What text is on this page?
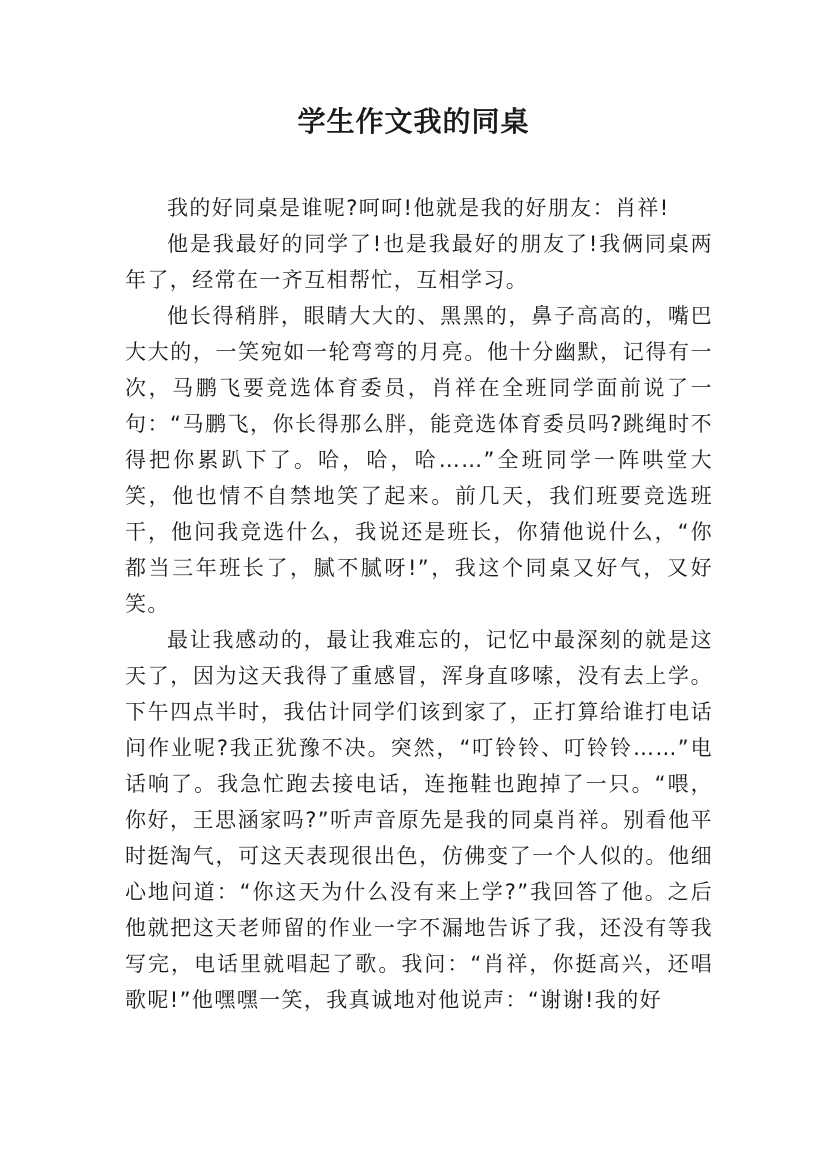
学生作文我的同桌

我的好同桌是谁呢?呵呵!他就是我的好朋友：肖祥!

他是我最好的同学了!也是我最好的朋友了!我俩同桌两年了，经常在一齐互相帮忙，互相学习。

他长得稍胖，眼睛大大的、黑黑的，鼻子高高的，嘴巴大大的，一笑宛如一轮弯弯的月亮。他十分幽默，记得有一次，马鹏飞要竞选体育委员，肖祥在全班同学面前说了一句：“马鹏飞，你长得那么胖，能竞选体育委员吗?跳绳时不得把你累趴下了。哈，哈，哈……”全班同学一阵哄堂大笑，他也情不自禁地笑了起来。前几天，我们班要竞选班干，他问我竞选什么，我说还是班长，你猜他说什么，“你都当三年班长了，腻不腻呀!”，我这个同桌又好气，又好笑。

最让我感动的，最让我难忘的，记忆中最深刻的就是这天了，因为这天我得了重感冒，浑身直哆嗦，没有去上学。下午四点半时，我估计同学们该到家了，正打算给谁打电话问作业呢?我正犹豫不决。突然，“叮铃铃、叮铃铃……”电话响了。我急忙跑去接电话，连拖鞋也跑掉了一只。“喂，你好，王思涵家吗?”听声音原先是我的同桌肖祥。别看他平时挺淘气，可这天表现很出色，仿佛变了一个人似的。他细心地问道：“你这天为什么没有来上学?”我回答了他。之后他就把这天老师留的作业一字不漏地告诉了我，还没有等我写完，电话里就唱起了歌。我问：“肖祥，你挺高兴，还唱歌呢!”他嘿嘿一笑，我真诚地对他说声：“谢谢!我的好
